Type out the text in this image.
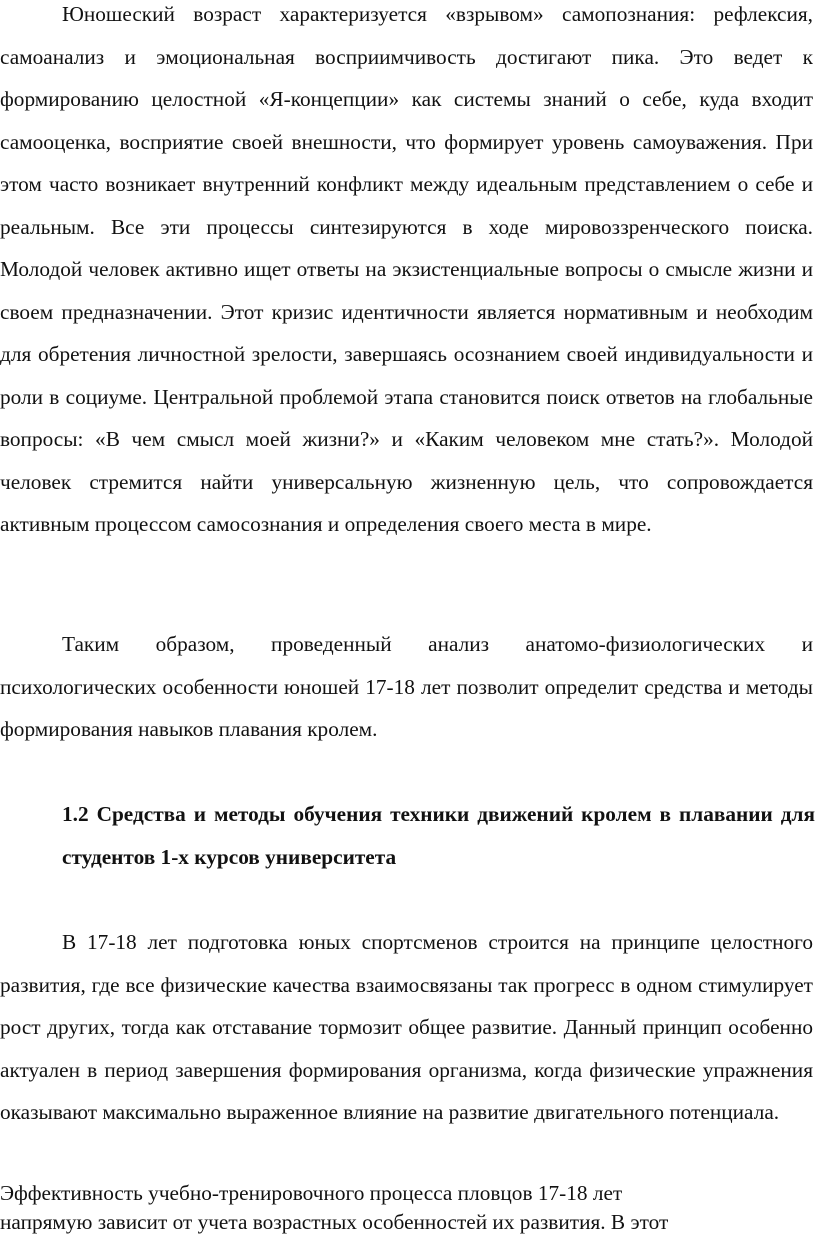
Юношеский возраст характеризуется «взрывом» самопознания: рефлексия, самоанализ и эмоциональная восприимчивость достигают пика. Это ведет к формированию целостной «Я-концепции» как системы знаний о себе, куда входит самооценка, восприятие своей внешности, что формирует уровень самоуважения. При этом часто возникает внутренний конфликт между идеальным представлением о себе и реальным. Все эти процессы синтезируются в ходе мировоззренческого поиска. Молодой человек активно ищет ответы на экзистенциальные вопросы о смысле жизни и своем предназначении. Этот кризис идентичности является нормативным и необходим для обретения личностной зрелости, завершаясь осознанием своей индивидуальности и роли в социуме. Центральной проблемой этапа становится поиск ответов на глобальные вопросы: «В чем смысл моей жизни?» и «Каким человеком мне стать?». Молодой человек стремится найти универсальную жизненную цель, что сопровождается активным процессом самосознания и определения своего места в мире.

Таким образом, проведенный анализ анатомо-физиологических и психологических особенности юношей 17-18 лет позволит определит средства и методы формирования навыков плавания кролем.

1.2 Средства и методы обучения техники движений кролем в плавании для студентов 1-х курсов университета

В 17-18 лет подготовка юных спортсменов строится на принципе целостного развития, где все физические качества взаимосвязаны так прогресс в одном стимулирует рост других, тогда как отставание тормозит общее развитие. Данный принцип особенно актуален в период завершения формирования организма, когда физические упражнения оказывают максимально выраженное влияние на развитие двигательного потенциала.

Эффективность учебно-тренировочного процесса пловцов 17-18 лет

напрямую зависит от учета возрастных особенностей их развития. В этот
